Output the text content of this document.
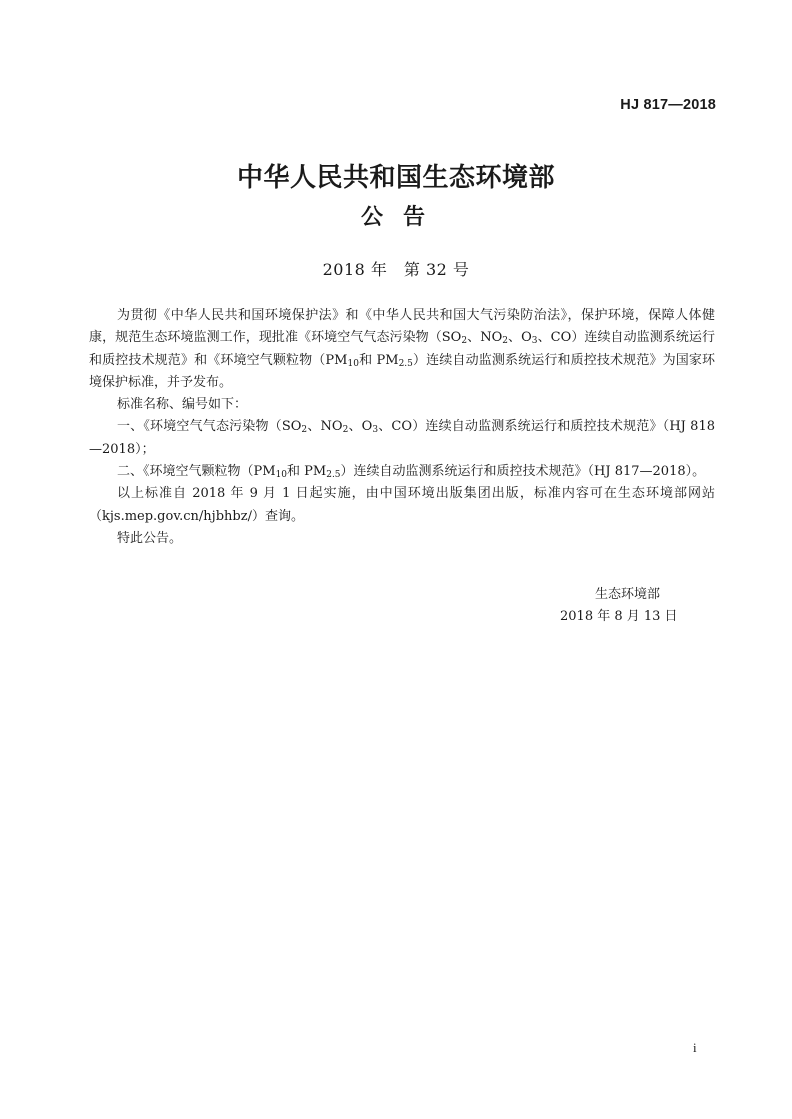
HJ 817—2018
中华人民共和国生态环境部
公告
2018 年　第 32 号

为贯彻《中华人民共和国环境保护法》和《中华人民共和国大气污染防治法》，保护环境，保障人体健康，规范生态环境监测工作，现批准《环境空气气态污染物（$SO_2$、$NO_2$、$O_3$、CO）连续自动监测系统运行和质控技术规范》和《环境空气颗粒物（$PM_{10}$和 $PM_{2.5}$）连续自动监测系统运行和质控技术规范》为国家环境保护标准，并予发布。

标准名称、编号如下：

一、《环境空气气态污染物（$SO_2$、$NO_2$、$O_3$、CO）连续自动监测系统运行和质控技术规范》（HJ 818—2018）；

二、《环境空气颗粒物（$PM_{10}$和 $PM_{2.5}$）连续自动监测系统运行和质控技术规范》（HJ 817—2018）。

以上标准自 2018 年 9 月 1 日起实施，由中国环境出版集团出版，标准内容可在生态环境部网站（kjs.mep.gov.cn/hjbhbz/）查询。

特此公告。

生态环境部
2018 年 8 月 13 日
i
